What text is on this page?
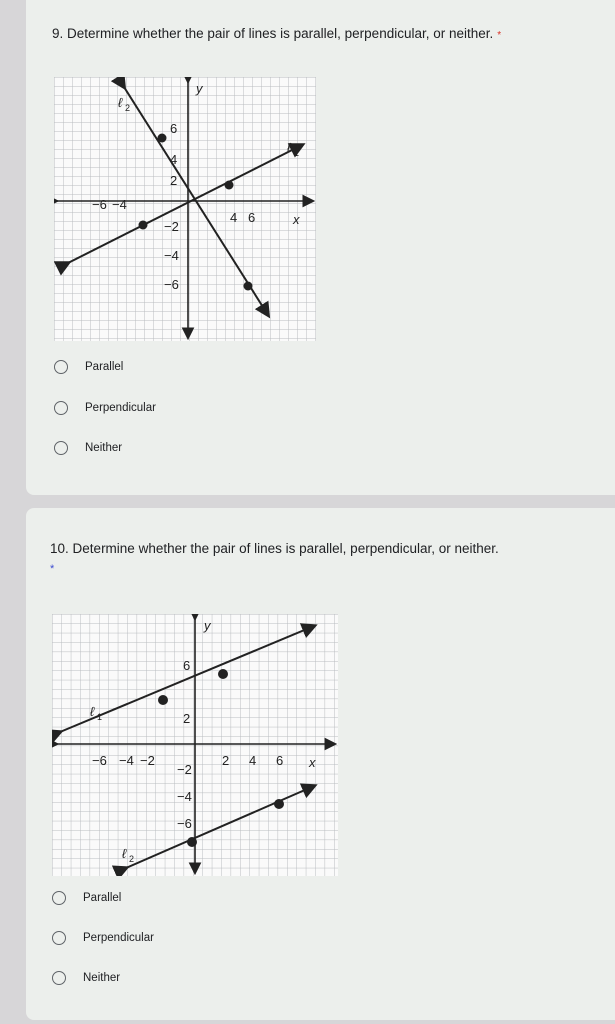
9. Determine whether the pair of lines is parallel, perpendicular, or neither. *
−6 −4
4 6	x
y
6
4
2
−2
−4
−6
ℓ 2
ℓ 1
Parallel
Perpendicular
Neither
10. Determine whether the pair of lines is parallel, perpendicular, or neither.
*
−6 −4 −2	2 4 6 x
y
6
2
−2
−4
−6
ℓ 1
ℓ 2
Parallel
Perpendicular
Neither
